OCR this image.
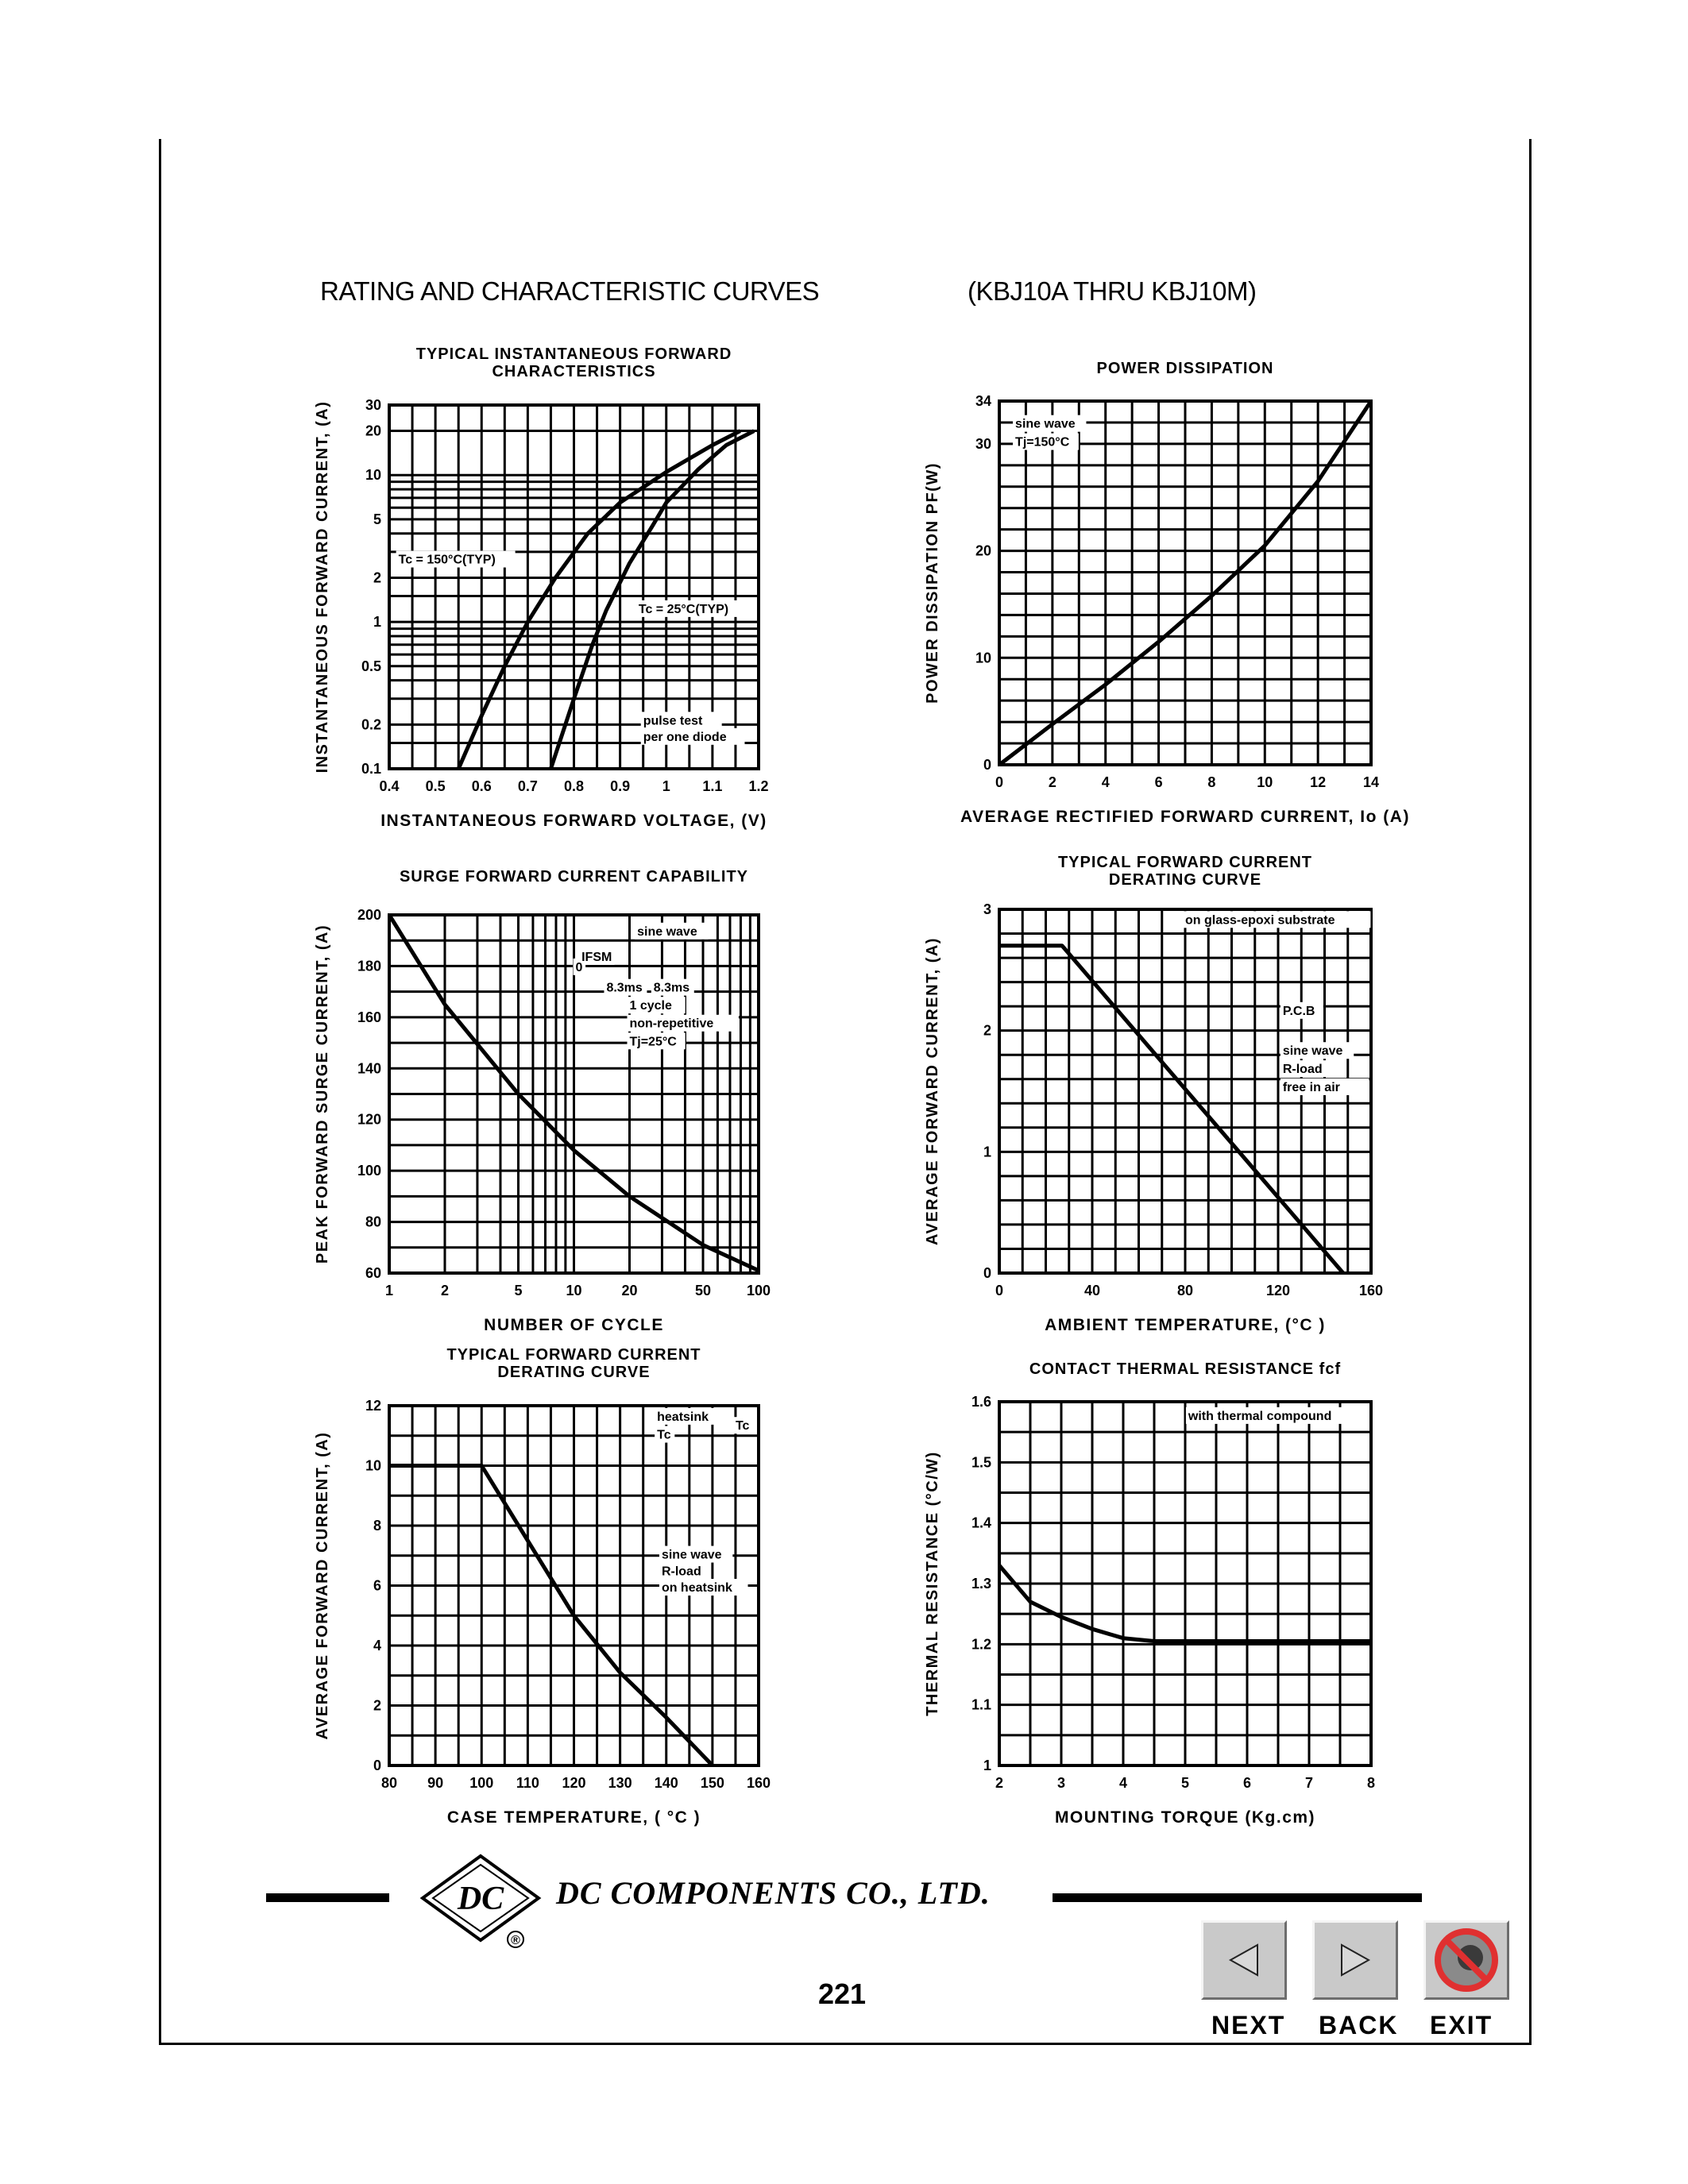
RATING AND CHARACTERISTIC CURVES	(KBJ10A THRU KBJ10M)
TYPICAL INSTANTANEOUS FORWARD
CHARACTERISTICS
0.4 0.5 0.6 0.7 0.8 0.9 1 1.1 1.2
0.1
0.2
0.5
1
2
5
10
20
30
INSTANTANEOUS FORWARD VOLTAGE, (V)
INSTANTANEOUS FORWARD CURRENT, (A)	Tc = 150°C(TYP)
Tc = 25°C(TYP)
pulse test
per one diode
POWER DISSIPATION
0	2	4	6	8	10	12	14
0
10
20
30
34
AVERAGE RECTIFIED FORWARD CURRENT, Io (A)
POWER DISSIPATION PF(W)
sine wave
Tj=150°C
SURGE FORWARD CURRENT CAPABILITY
1	2	5	10	20	50 100
60
80
100
120
140
160
180
200
NUMBER OF CYCLE
PEAK FORWARD SURGE CURRENT, (A)	sine wave
IFSM
0
8.3ms 8.3ms
1 cycle
non-repetitive
Tj=25°C
TYPICAL FORWARD CURRENT
DERATING CURVE
0	40	80	120	160
0
1
2
3
AMBIENT TEMPERATURE, (°C )
AVERAGE FORWARD CURRENT, (A)
on glass-epoxi substrate
P.C.B
sine wave
R-load
free in air
TYPICAL FORWARD CURRENT
DERATING CURVE
80 90 100 110 120 130 140 150 160
0
2
4
6
8
10
12
CASE TEMPERATURE, ( °C )
AVERAGE FORWARD CURRENT, (A)
heatsink
Tc
Tc
sine wave
R-load
on heatsink
CONTACT THERMAL RESISTANCE fcf
2	3	4	5	6	7	8
1
1.1
1.2
1.3
1.4
1.5
1.6
MOUNTING TORQUE (Kg.cm)
THERMAL RESISTANCE (°C/W)
with thermal compound
DC
®
DC COMPONENTS CO., LTD.
221
NEXT BACK EXIT
